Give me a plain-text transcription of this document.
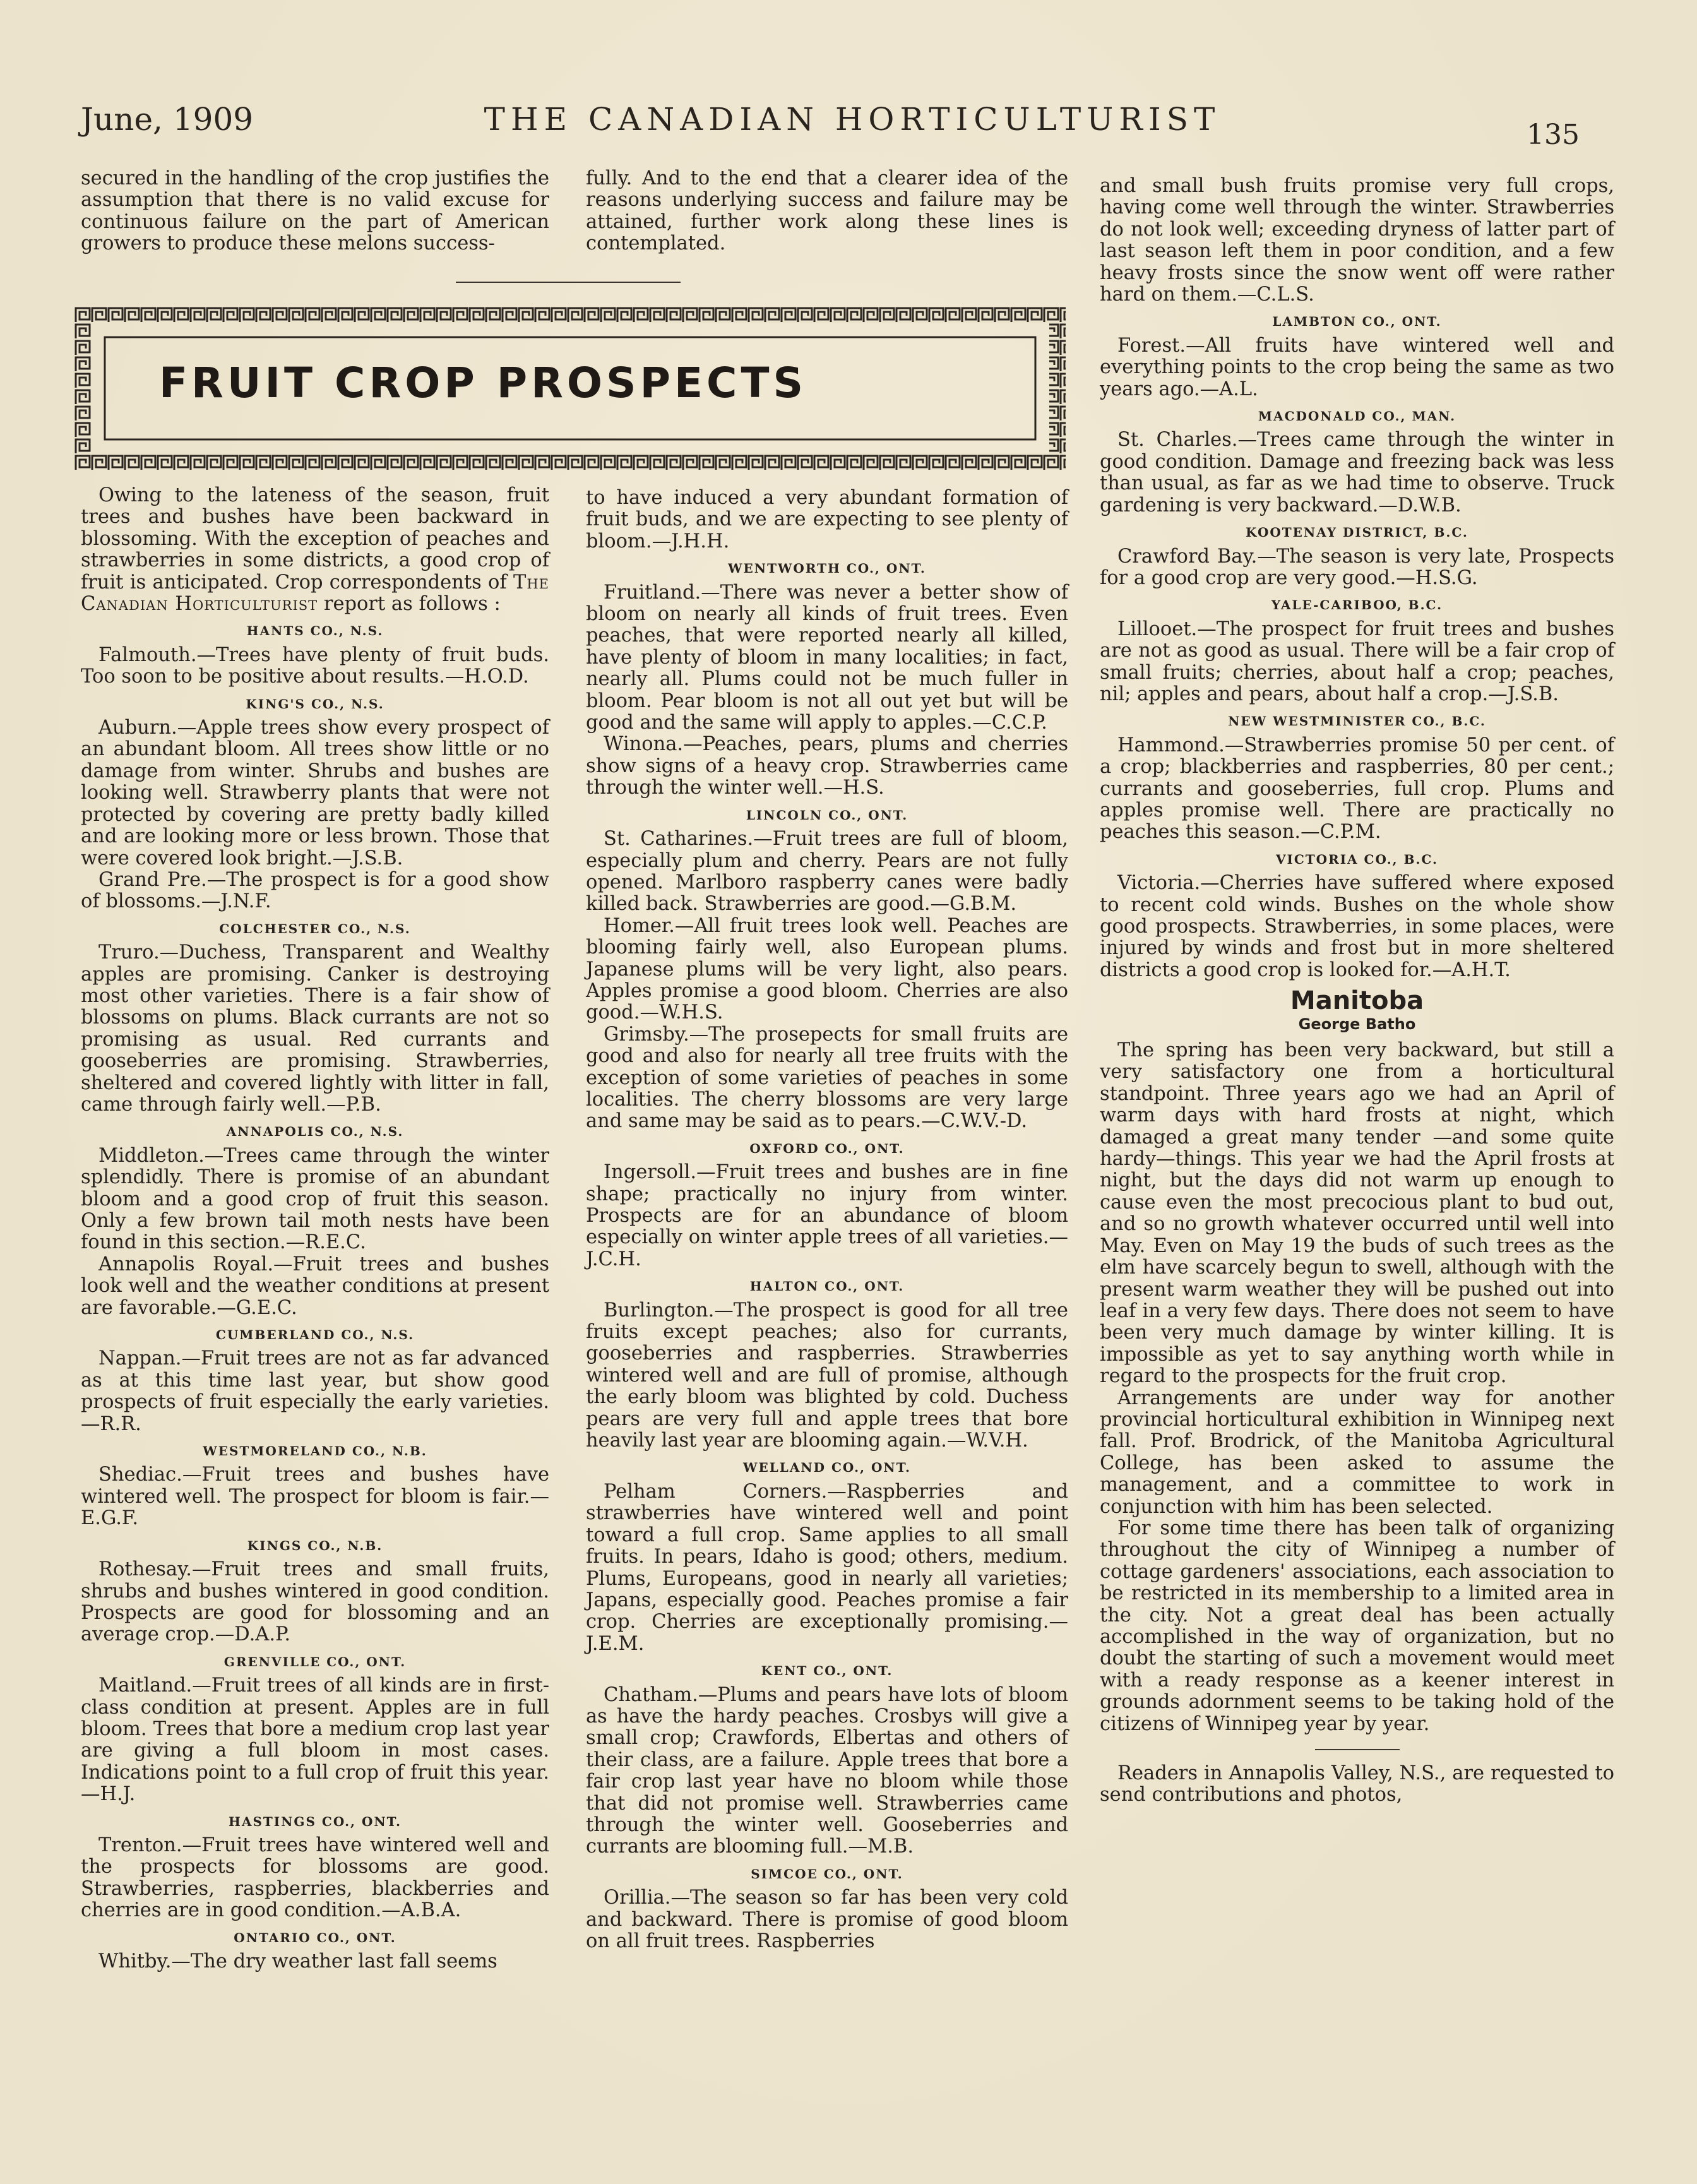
June, 1909	THE CANADIAN HORTICULTURIST	135

secured in the handling of the crop justifies the assumption that there is no valid excuse for continuous failure on the part of American growers to produce these melons success-

fully. And to the end that a clearer idea of the reasons underlying success and failure may be attained, further work along these lines is contemplated.

FRUIT CROP PROSPECTS

Owing to the lateness of the season, fruit trees and bushes have been backward in blossoming. With the exception of peaches and strawberries in some districts, a good crop of fruit is anticipated. Crop correspondents of The Canadian Horticulturist report as follows :

HANTS CO., N.S.

Falmouth.—Trees have plenty of fruit buds. Too soon to be positive about results.—H.O.D.

KING'S CO., N.S.

Auburn.—Apple trees show every prospect of an abundant bloom. All trees show little or no damage from winter. Shrubs and bushes are looking well. Strawberry plants that were not protected by covering are pretty badly killed and are looking more or less brown. Those that were covered look bright.—J.S.B.

Grand Pre.—The prospect is for a good show of blossoms.—J.N.F.

COLCHESTER CO., N.S.

Truro.—Duchess, Transparent and Wealthy apples are promising. Canker is destroying most other varieties. There is a fair show of blossoms on plums. Black currants are not so promising as usual. Red currants and gooseberries are promising. Strawberries, sheltered and covered lightly with litter in fall, came through fairly well.—P.B.

ANNAPOLIS CO., N.S.

Middleton.—Trees came through the winter splendidly. There is promise of an abundant bloom and a good crop of fruit this season. Only a few brown tail moth nests have been found in this section.—R.E.C.

Annapolis Royal.—Fruit trees and bushes look well and the weather conditions at present are favorable.—G.E.C.

CUMBERLAND CO., N.S.

Nappan.—Fruit trees are not as far advanced as at this time last year, but show good prospects of fruit especially the early varieties.—R.R.

WESTMORELAND CO., N.B.

Shediac.—Fruit trees and bushes have wintered well. The prospect for bloom is fair.—E.G.F.

KINGS CO., N.B.

Rothesay.—Fruit trees and small fruits, shrubs and bushes wintered in good condition. Prospects are good for blossoming and an average crop.—D.A.P.

GRENVILLE CO., ONT.

Maitland.—Fruit trees of all kinds are in first-class condition at present. Apples are in full bloom. Trees that bore a medium crop last year are giving a full bloom in most cases. Indications point to a full crop of fruit this year.—H.J.

HASTINGS CO., ONT.

Trenton.—Fruit trees have wintered well and the prospects for blossoms are good. Strawberries, raspberries, blackberries and cherries are in good condition.—A.B.A.

ONTARIO CO., ONT.

Whitby.—The dry weather last fall seems

to have induced a very abundant formation of fruit buds, and we are expecting to see plenty of bloom.—J.H.H.

WENTWORTH CO., ONT.

Fruitland.—There was never a better show of bloom on nearly all kinds of fruit trees. Even peaches, that were reported nearly all killed, have plenty of bloom in many localities; in fact, nearly all. Plums could not be much fuller in bloom. Pear bloom is not all out yet but will be good and the same will apply to apples.—C.C.P.

Winona.—Peaches, pears, plums and cherries show signs of a heavy crop. Strawberries came through the winter well.—H.S.

LINCOLN CO., ONT.

St. Catharines.—Fruit trees are full of bloom, especially plum and cherry. Pears are not fully opened. Marlboro raspberry canes were badly killed back. Strawberries are good.—G.B.M.

Homer.—All fruit trees look well. Peaches are blooming fairly well, also European plums. Japanese plums will be very light, also pears. Apples promise a good bloom. Cherries are also good.—W.H.S.

Grimsby.—The prosepects for small fruits are good and also for nearly all tree fruits with the exception of some varieties of peaches in some localities. The cherry blossoms are very large and same may be said as to pears.—C.W.V.-D.

OXFORD CO., ONT.

Ingersoll.—Fruit trees and bushes are in fine shape; practically no injury from winter. Prospects are for an abundance of bloom especially on winter apple trees of all varieties.—J.C.H.

HALTON CO., ONT.

Burlington.—The prospect is good for all tree fruits except peaches; also for currants, gooseberries and raspberries. Strawberries wintered well and are full of promise, although the early bloom was blighted by cold. Duchess pears are very full and apple trees that bore heavily last year are blooming again.—W.V.H.

WELLAND CO., ONT.

Pelham Corners.—Raspberries and strawberries have wintered well and point toward a full crop. Same applies to all small fruits. In pears, Idaho is good; others, medium. Plums, Europeans, good in nearly all varieties; Japans, especially good. Peaches promise a fair crop. Cherries are exceptionally promising.—J.E.M.

KENT CO., ONT.

Chatham.—Plums and pears have lots of bloom as have the hardy peaches. Crosbys will give a small crop; Crawfords, Elbertas and others of their class, are a failure. Apple trees that bore a fair crop last year have no bloom while those that did not promise well. Strawberries came through the winter well. Gooseberries and currants are blooming full.—M.B.

SIMCOE CO., ONT.

Orillia.—The season so far has been very cold and backward. There is promise of good bloom on all fruit trees. Raspberries

and small bush fruits promise very full crops, having come well through the winter. Strawberries do not look well; exceeding dryness of latter part of last season left them in poor condition, and a few heavy frosts since the snow went off were rather hard on them.—C.L.S.

LAMBTON CO., ONT.

Forest.—All fruits have wintered well and everything points to the crop being the same as two years ago.—A.L.

MACDONALD CO., MAN.

St. Charles.—Trees came through the winter in good condition. Damage and freezing back was less than usual, as far as we had time to observe. Truck gardening is very backward.—D.W.B.

KOOTENAY DISTRICT, B.C.

Crawford Bay.—The season is very late, Prospects for a good crop are very good.—H.S.G.

YALE-CARIBOO, B.C.

Lillooet.—The prospect for fruit trees and bushes are not as good as usual. There will be a fair crop of small fruits; cherries, about half a crop; peaches, nil; apples and pears, about half a crop.—J.S.B.

NEW WESTMINISTER CO., B.C.

Hammond.—Strawberries promise 50 per cent. of a crop; blackberries and raspberries, 80 per cent.; currants and gooseberries, full crop. Plums and apples promise well. There are practically no peaches this season.—C.P.M.

VICTORIA CO., B.C.

Victoria.—Cherries have suffered where exposed to recent cold winds. Bushes on the whole show good prospects. Strawberries, in some places, were injured by winds and frost but in more sheltered districts a good crop is looked for.—A.H.T.

Manitoba
George Batho

The spring has been very backward, but still a very satisfactory one from a horticultural standpoint. Three years ago we had an April of warm days with hard frosts at night, which damaged a great many tender —and some quite hardy—things. This year we had the April frosts at night, but the days did not warm up enough to cause even the most precocious plant to bud out, and so no growth whatever occurred until well into May. Even on May 19 the buds of such trees as the elm have scarcely begun to swell, although with the present warm weather they will be pushed out into leaf in a very few days. There does not seem to have been very much damage by winter killing. It is impossible as yet to say anything worth while in regard to the prospects for the fruit crop.

Arrangements are under way for another provincial horticultural exhibition in Winnipeg next fall. Prof. Brodrick, of the Manitoba Agricultural College, has been asked to assume the management, and a committee to work in conjunction with him has been selected.

For some time there has been talk of organizing throughout the city of Winnipeg a number of cottage gardeners' associations, each association to be restricted in its membership to a limited area in the city. Not a great deal has been actually accomplished in the way of organization, but no doubt the starting of such a movement would meet with a ready response as a keener interest in grounds adornment seems to be taking hold of the citizens of Winnipeg year by year.

Readers in Annapolis Valley, N.S., are requested to send contributions and photos,
